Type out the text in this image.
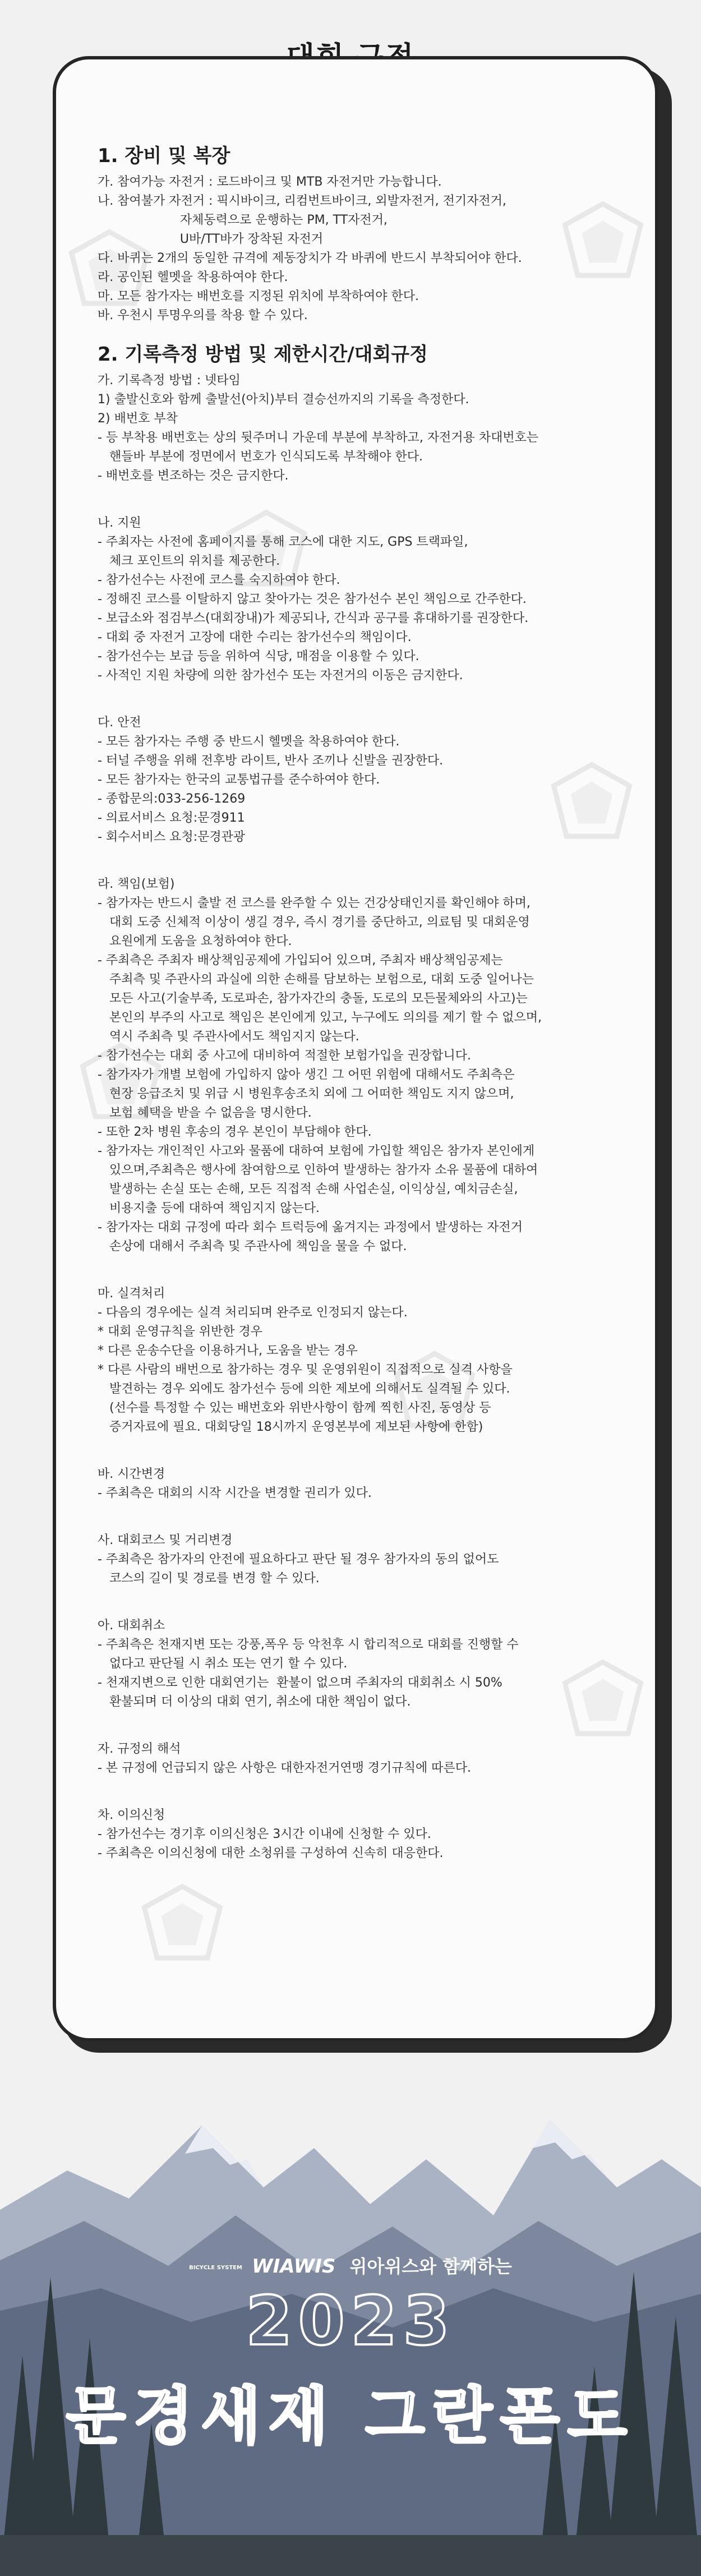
1. 장비 및 복장

가. 참여가능 자전거 : 로드바이크 및 MTB 자전거만 가능합니다.

나. 참여불가 자전거 : 픽시바이크, 리컴번트바이크, 외발자전거, 전기자전거,

자체동력으로 운행하는 PM, TT자전거,

U바/TT바가 장착된 자전거

다. 바퀴는 2개의 동일한 규격에 제동장치가 각 바퀴에 반드시 부착되어야 한다.

라. 공인된 헬멧을 착용하여야 한다.

마. 모든 참가자는 배번호를 지정된 위치에 부착하여야 한다.

바. 우천시 투명우의를 착용 할 수 있다.

2. 기록측정 방법 및 제한시간/대회규정

가. 기록측정 방법 : 넷타임

1) 출발신호와 함께 출발선(아치)부터 결승선까지의 기록을 측정한다.

2) 배번호 부착

- 등 부착용 배번호는 상의 뒷주머니 가운데 부분에 부착하고, 자전거용 차대번호는

핸들바 부분에 정면에서 번호가 인식되도록 부착해야 한다.

- 배번호를 변조하는 것은 금지한다.

나. 지원

- 주최자는 사전에 홈페이지를 통해 코스에 대한 지도, GPS 트랙파일,

체크 포인트의 위치를 제공한다.

- 참가선수는 사전에 코스를 숙지하여야 한다.

- 정해진 코스를 이탈하지 않고 찾아가는 것은 참가선수 본인 책임으로 간주한다.

- 보급소와 점검부스(대회장내)가 제공되나, 간식과 공구를 휴대하기를 권장한다.

- 대회 중 자전거 고장에 대한 수리는 참가선수의 책임이다.

- 참가선수는 보급 등을 위하여 식당, 매점을 이용할 수 있다.

- 사적인 지원 차량에 의한 참가선수 또는 자전거의 이동은 금지한다.

다. 안전

- 모든 참가자는 주행 중 반드시 헬멧을 착용하여야 한다.

- 터널 주행을 위해 전후방 라이트, 반사 조끼나 신발을 권장한다.

- 모든 참가자는 한국의 교통법규를 준수하여야 한다.

- 종합문의:033-256-1269

- 의료서비스 요청:문경911

- 회수서비스 요청:문경관광

라. 책임(보험)

- 참가자는 반드시 출발 전 코스를 완주할 수 있는 건강상태인지를 확인해야 하며,

대회 도중 신체적 이상이 생길 경우, 즉시 경기를 중단하고, 의료팀 및 대회운영

요원에게 도움을 요청하여야 한다.

- 주최측은 주최자 배상책임공제에 가입되어 있으며, 주최자 배상책임공제는

주최측 및 주관사의 과실에 의한 손해를 담보하는 보험으로, 대회 도중 일어나는

모든 사고(기술부족, 도로파손, 참가자간의 충돌, 도로의 모든물체와의 사고)는

본인의 부주의 사고로 책임은 본인에게 있고, 누구에도 의의를 제기 할 수 없으며,

역시 주최측 및 주관사에서도 책임지지 않는다.

- 참가선수는 대회 중 사고에 대비하여 적절한 보험가입을 권장합니다.

- 참가자가 개별 보험에 가입하지 않아 생긴 그 어떤 위험에 대해서도 주최측은

현장 응급조치 및 위급 시 병원후송조치 외에 그 어떠한 책임도 지지 않으며,

보험 혜택을 받을 수 없음을 명시한다.

- 또한 2차 병원 후송의 경우 본인이 부담해야 한다.

- 참가자는 개인적인 사고와 물품에 대하여 보험에 가입할 책임은 참가자 본인에게

있으며,주최측은 행사에 참여함으로 인하여 발생하는 참가자 소유 물품에 대하여

발생하는 손실 또는 손해, 모든 직접적 손해 사업손실, 이익상실, 예치금손실,

비용지출 등에 대하여 책임지지 않는다.

- 참가자는 대회 규정에 따라 회수 트럭등에 옮겨지는 과정에서 발생하는 자전거

손상에 대해서 주최측 및 주관사에 책임을 물을 수 없다.

마. 실격처리

- 다음의 경우에는 실격 처리되며 완주로 인정되지 않는다.

* 대회 운영규칙을 위반한 경우

* 다른 운송수단을 이용하거나, 도움을 받는 경우

* 다른 사람의 배번으로 참가하는 경우 및 운영위원이 직접적으로 실격 사항을

발견하는 경우 외에도 참가선수 등에 의한 제보에 의해서도 실격될 수 있다.

(선수를 특정할 수 있는 배번호와 위반사항이 함께 찍힌 사진, 동영상 등

증거자료에 필요. 대회당일 18시까지 운영본부에 제보된 사항에 한함)

바. 시간변경

- 주최측은 대회의 시작 시간을 변경할 권리가 있다.

사. 대회코스 및 거리변경

- 주최측은 참가자의 안전에 필요하다고 판단 될 경우 참가자의 동의 없어도

코스의 길이 및 경로를 변경 할 수 있다.

아. 대회취소

- 주최측은 천재지변 또는 강풍,폭우 등 악천후 시 합리적으로 대회를 진행할 수

없다고 판단될 시 취소 또는 연기 할 수 있다.

- 천재지변으로 인한 대회연기는  환불이 없으며 주최자의 대회취소 시 50%

환불되며 더 이상의 대회 연기, 취소에 대한 책임이 없다.

자. 규정의 해석

- 본 규정에 언급되지 않은 사항은 대한자전거연맹 경기규칙에 따른다.

차. 이의신청

- 참가선수는 경기후 이의신청은 3시간 이내에 신청할 수 있다.

- 주최측은 이의신청에 대한 소청위를 구성하여 신속히 대응한다.

BICYCLE SYSTEM WIAWIS 위아위스와 함께하는
2023
문경새재 그란폰도
